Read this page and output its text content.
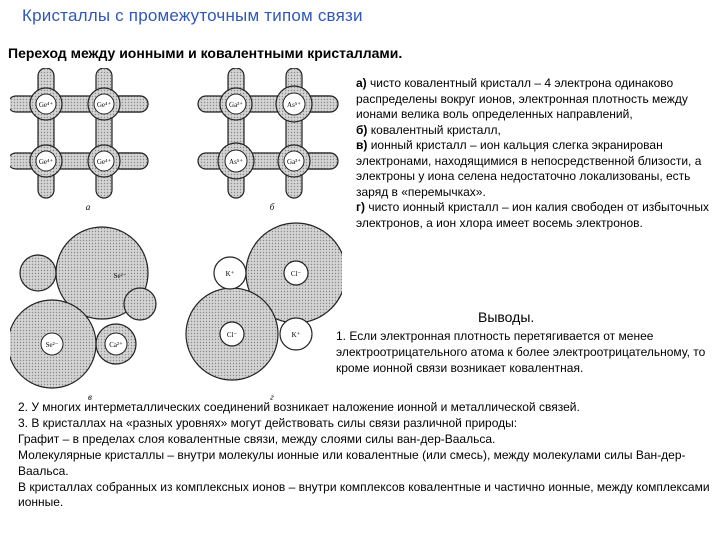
Кристаллы с промежуточным типом связи
Переход между ионными и ковалентными кристаллами.
Ge⁴⁺	Ge⁴⁺
Ge⁴⁺	Ge⁴⁺
а
Ga³⁺	As⁵⁺
As⁵⁺	Ga³⁺
б
Se²⁻	Ca²⁺
Se²⁻
в
K⁺	Cl⁻
Cl⁻	K⁺
г

а) чисто ковалентный кристалл – 4 электрона одинаково распределены вокруг ионов, электронная плотность между ионами велика воль определенных направлений,

б) ковалентный кристалл,

в) ионный кристалл – ион кальция слегка экранирован электронами, находящимися в непосредственной близости, а электроны у иона селена недостаточно локализованы, есть заряд в «перемычках».

г) чисто ионный кристалл – ион калия свободен от избыточных электронов, а ион хлора имеет восемь электронов.

Выводы.

1. Если электронная плотность перетягивается от менее электроотрицательного атома к более электроотрицательному, то кроме ионной связи возникает ковалентная.

2. У многих интерметаллических соединений возникает наложение ионной и металлической связей.

3. В кристаллах на «разных уровнях» могут действовать силы связи различной природы:

Графит – в пределах слоя ковалентные связи, между слоями силы ван-дер-Ваальса.

Молекулярные кристаллы – внутри молекулы ионные или ковалентные (или смесь), между молекулами силы Ван-дер-Ваальса.

В кристаллах собранных из комплексных ионов – внутри комплексов ковалентные и частично ионные, между комплексами ионные.
